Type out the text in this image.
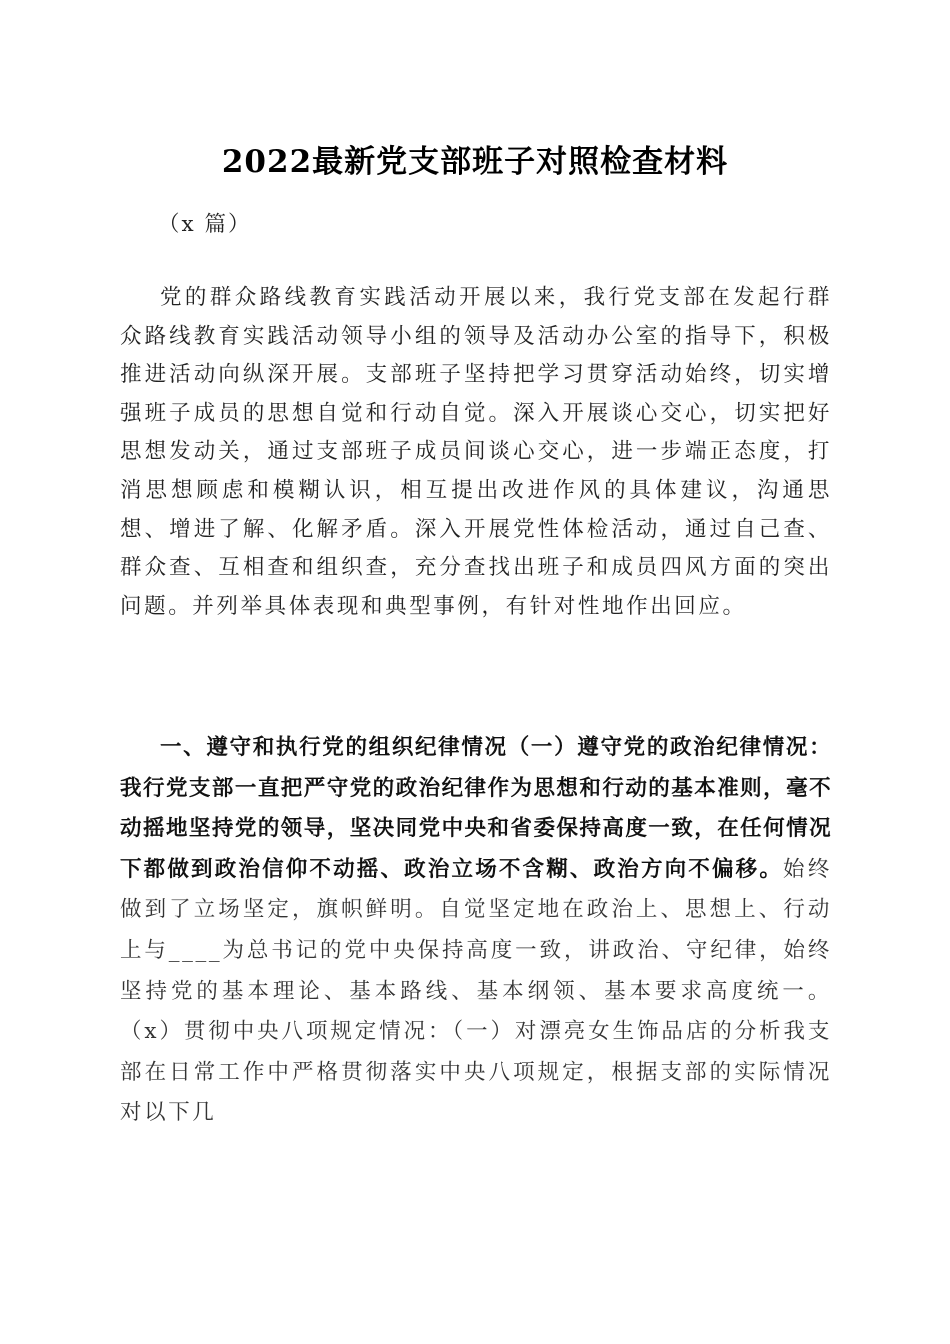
2022最新党支部班子对照检查材料

（x 篇）

党的群众路线教育实践活动开展以来，我行党支部在发起行群众路线教育实践活动领导小组的领导及活动办公室的指导下，积极推进活动向纵深开展。支部班子坚持把学习贯穿活动始终，切实增强班子成员的思想自觉和行动自觉。深入开展谈心交心，切实把好思想发动关，通过支部班子成员间谈心交心，进一步端正态度，打消思想顾虑和模糊认识，相互提出改进作风的具体建议，沟通思想、增进了解、化解矛盾。深入开展党性体检活动，通过自己查、群众查、互相查和组织查，充分查找出班子和成员四风方面的突出问题。并列举具体表现和典型事例，有针对性地作出回应。

一、遵守和执行党的组织纪律情况（一）遵守党的政治纪律情况：我行党支部一直把严守党的政治纪律作为思想和行动的基本准则，毫不动摇地坚持党的领导，坚决同党中央和省委保持高度一致，在任何情况下都做到政治信仰不动摇、政治立场不含糊、政治方向不偏移。始终做到了立场坚定，旗帜鲜明。自觉坚定地在政治上、思想上、行动上与____为总书记的党中央保持高度一致，讲政治、守纪律，始终坚持党的基本理论、基本路线、基本纲领、基本要求高度统一。（x）贯彻中央八项规定情况：（一）对漂亮女生饰品店的分析我支部在日常工作中严格贯彻落实中央八项规定，根据支部的实际情况对以下几
